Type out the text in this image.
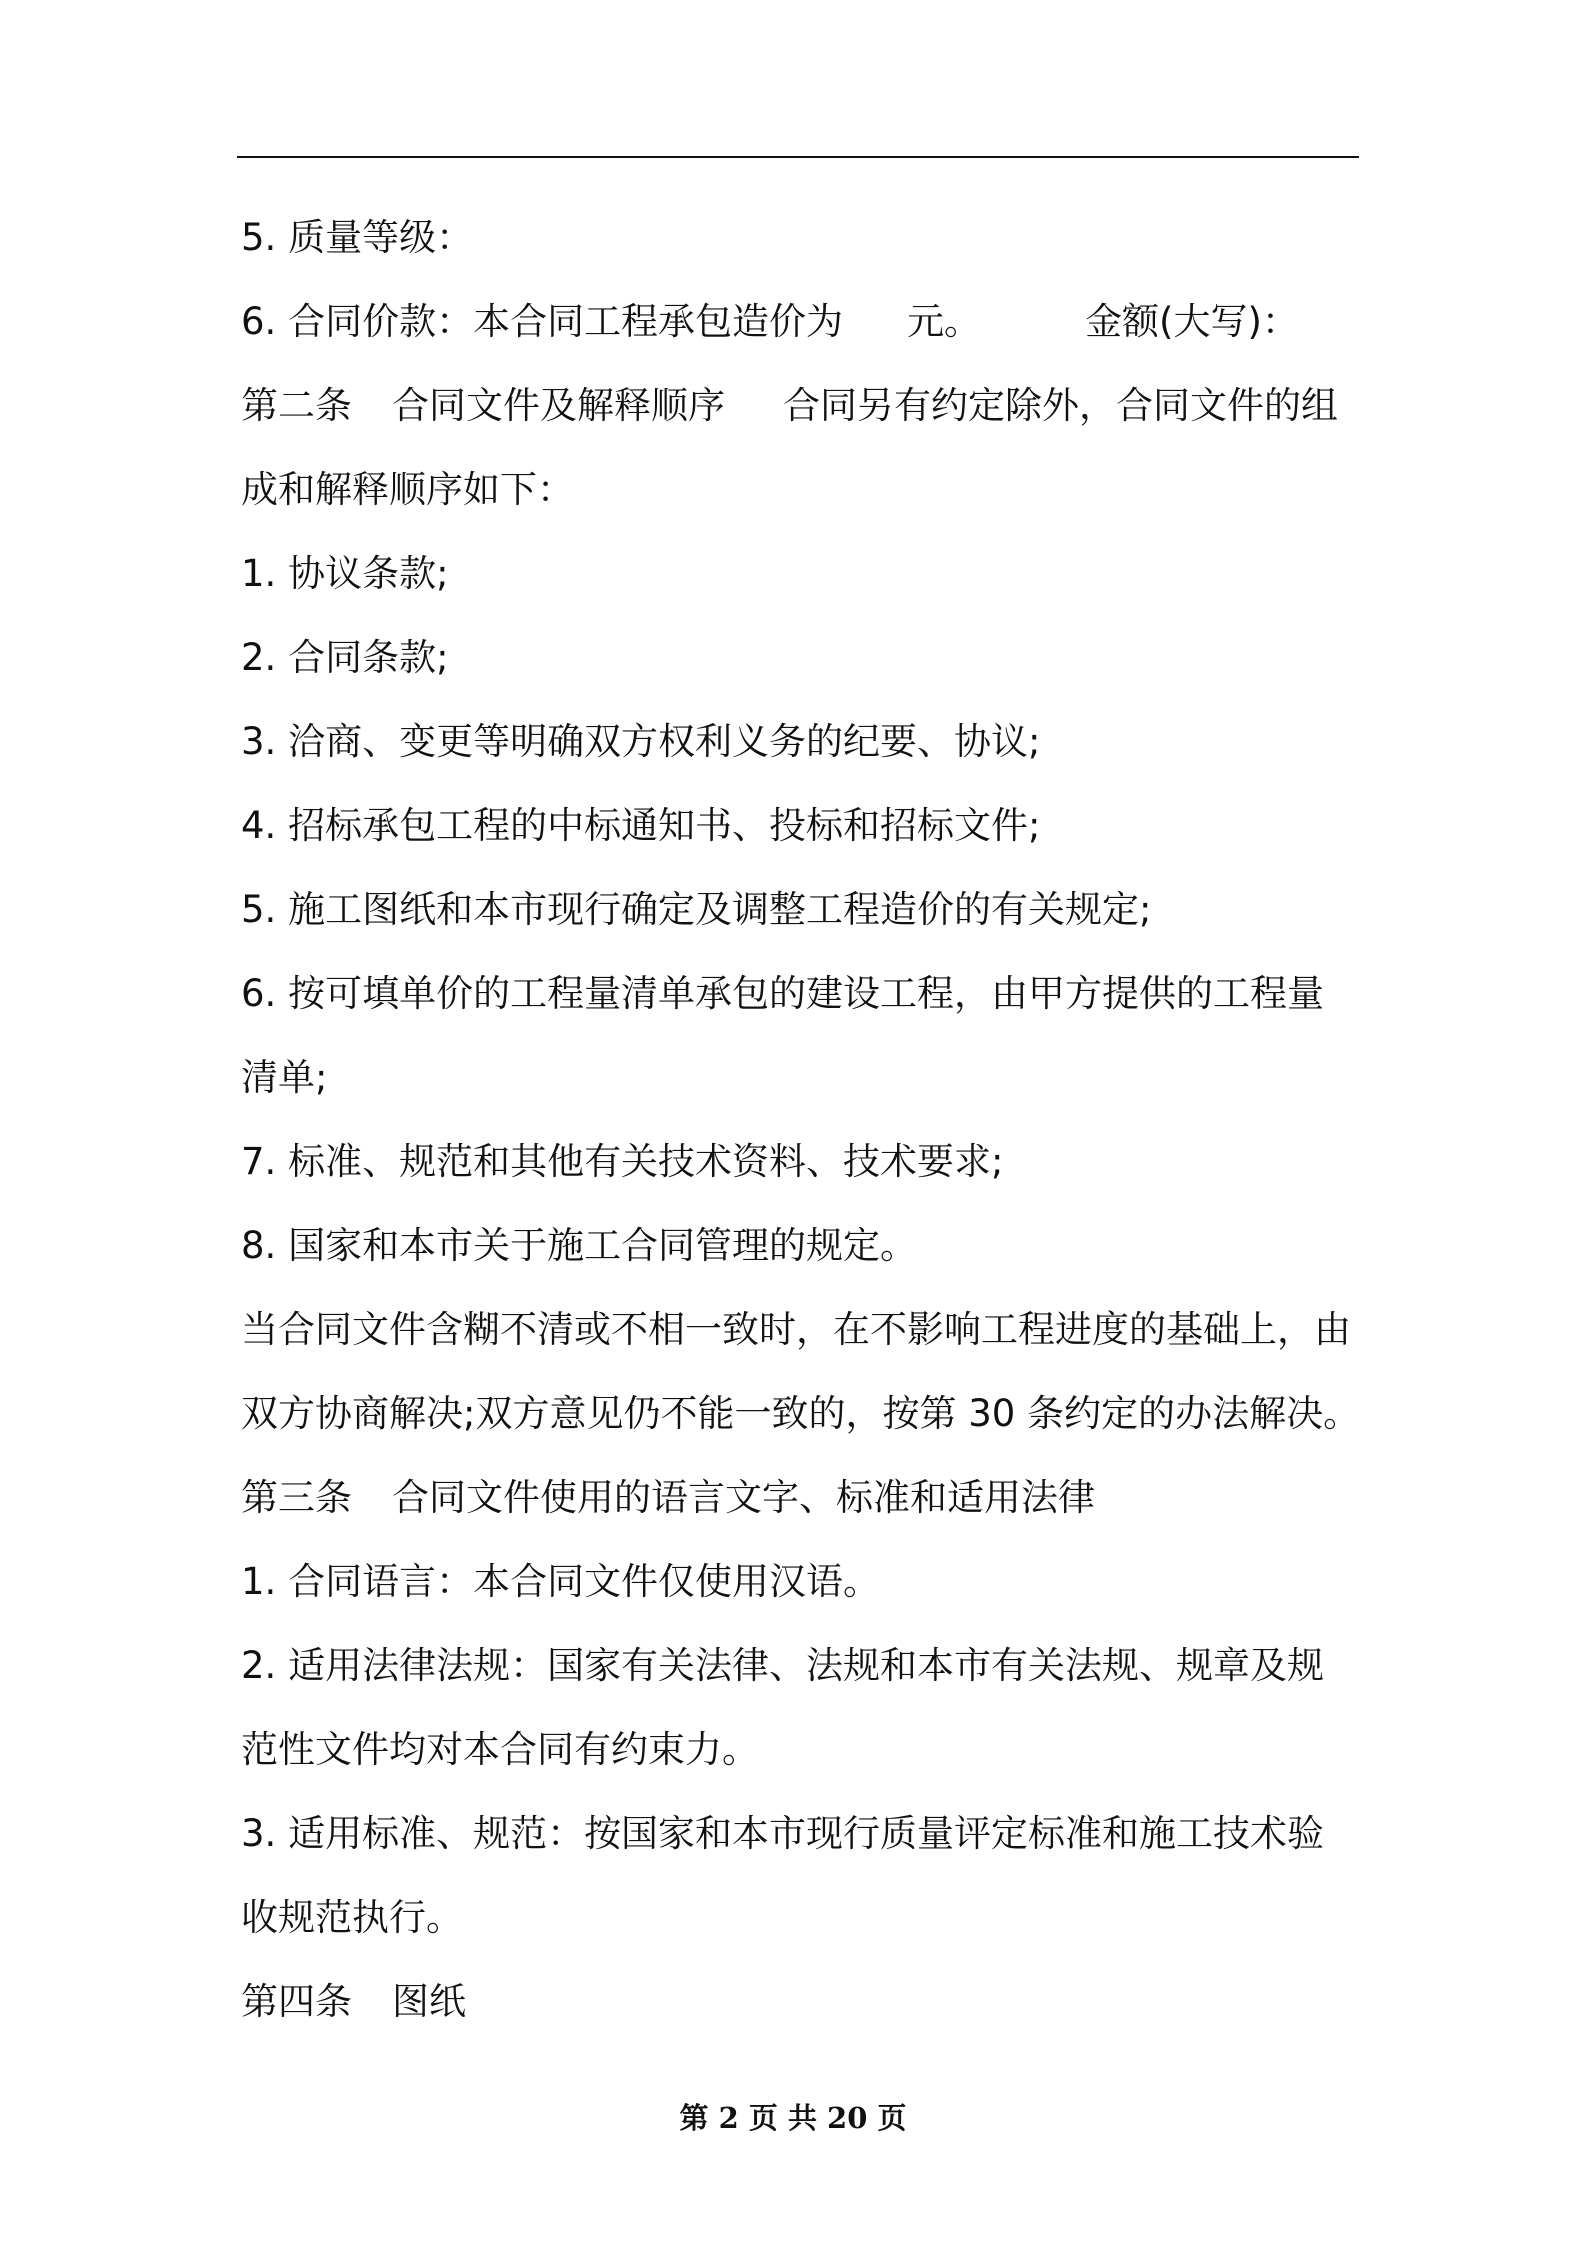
5. 质量等级：
6. 合同价款：本合同工程承包造价为 元。	金额(大写)：
第二条 合同文件及解释顺序 合同另有约定除外，合同文件的组
成和解释顺序如下：
1. 协议条款;
2. 合同条款;
3. 洽商、变更等明确双方权利义务的纪要、协议;
4. 招标承包工程的中标通知书、投标和招标文件;
5. 施工图纸和本市现行确定及调整工程造价的有关规定;
6. 按可填单价的工程量清单承包的建设工程，由甲方提供的工程量
清单;
7. 标准、规范和其他有关技术资料、技术要求;
8. 国家和本市关于施工合同管理的规定。
当合同文件含糊不清或不相一致时，在不影响工程进度的基础上，由
双方协商解决;双方意见仍不能一致的，按第 30 条约定的办法解决。
第三条 合同文件使用的语言文字、标准和适用法律
1. 合同语言：本合同文件仅使用汉语。
2. 适用法律法规：国家有关法律、法规和本市有关法规、规章及规
范性文件均对本合同有约束力。
3. 适用标准、规范：按国家和本市现行质量评定标准和施工技术验
收规范执行。
第四条 图纸
第 2 页 共 20 页
